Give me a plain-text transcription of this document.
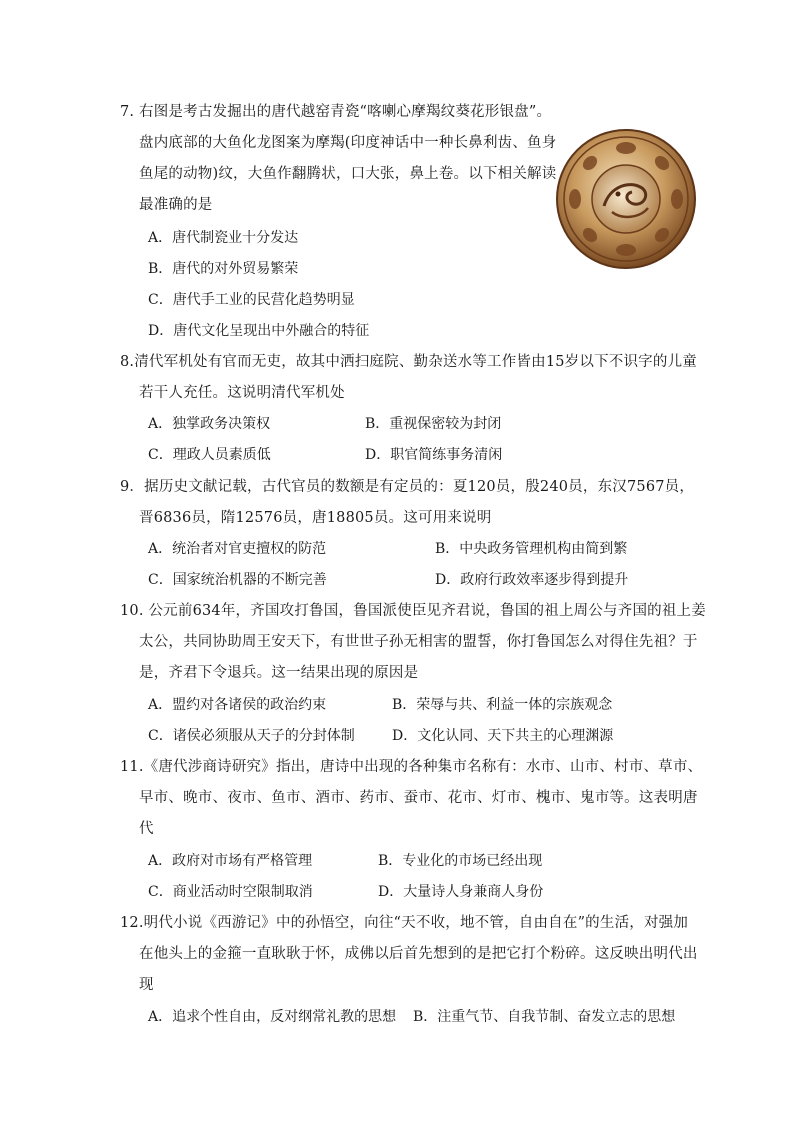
7. 右图是考古发掘出的唐代越窑青瓷“喀喇心摩羯纹葵花形银盘”。
盘内底部的大鱼化龙图案为摩羯(印度神话中一种长鼻利齿、鱼身
鱼尾的动物)纹，大鱼作翻腾状，口大张，鼻上卷。以下相关解读
最准确的是
A．唐代制瓷业十分发达
B．唐代的对外贸易繁荣
C．唐代手工业的民营化趋势明显
D．唐代文化呈现出中外融合的特征
8.清代军机处有官而无吏，故其中洒扫庭院、勤杂送水等工作皆由15岁以下不识字的儿童
若干人充任。这说明清代军机处
A．独掌政务决策权	B．重视保密较为封闭
C．理政人员素质低	D．职官简练事务清闲
9．据历史文献记载，古代官员的数额是有定员的：夏120员，殷240员，东汉7567员，
晋6836员，隋12576员，唐18805员。这可用来说明
A．统治者对官吏擅权的防范	B．中央政务管理机构由简到繁
C．国家统治机器的不断完善	D．政府行政效率逐步得到提升
10. 公元前634年，齐国攻打鲁国，鲁国派使臣见齐君说，鲁国的祖上周公与齐国的祖上姜
太公，共同协助周王安天下，有世世子孙无相害的盟誓，你打鲁国怎么对得住先祖？于
是，齐君下令退兵。这一结果出现的原因是
A．盟约对各诸侯的政治约束	B．荣辱与共、利益一体的宗族观念
C．诸侯必须服从天子的分封体制	D．文化认同、天下共主的心理渊源
11.《唐代涉商诗研究》指出，唐诗中出现的各种集市名称有：水市、山市、村市、草市、
早市、晚市、夜市、鱼市、酒市、药市、蚕市、花市、灯市、槐市、鬼市等。这表明唐
代
A．政府对市场有严格管理	B．专业化的市场已经出现
C．商业活动时空限制取消	D．大量诗人身兼商人身份
12.明代小说《西游记》中的孙悟空，向往“天不收，地不管，自由自在”的生活，对强加
在他头上的金箍一直耿耿于怀，成佛以后首先想到的是把它打个粉碎。这反映出明代出
现
A．追求个性自由，反对纲常礼教的思想 B．注重气节、自我节制、奋发立志的思想
